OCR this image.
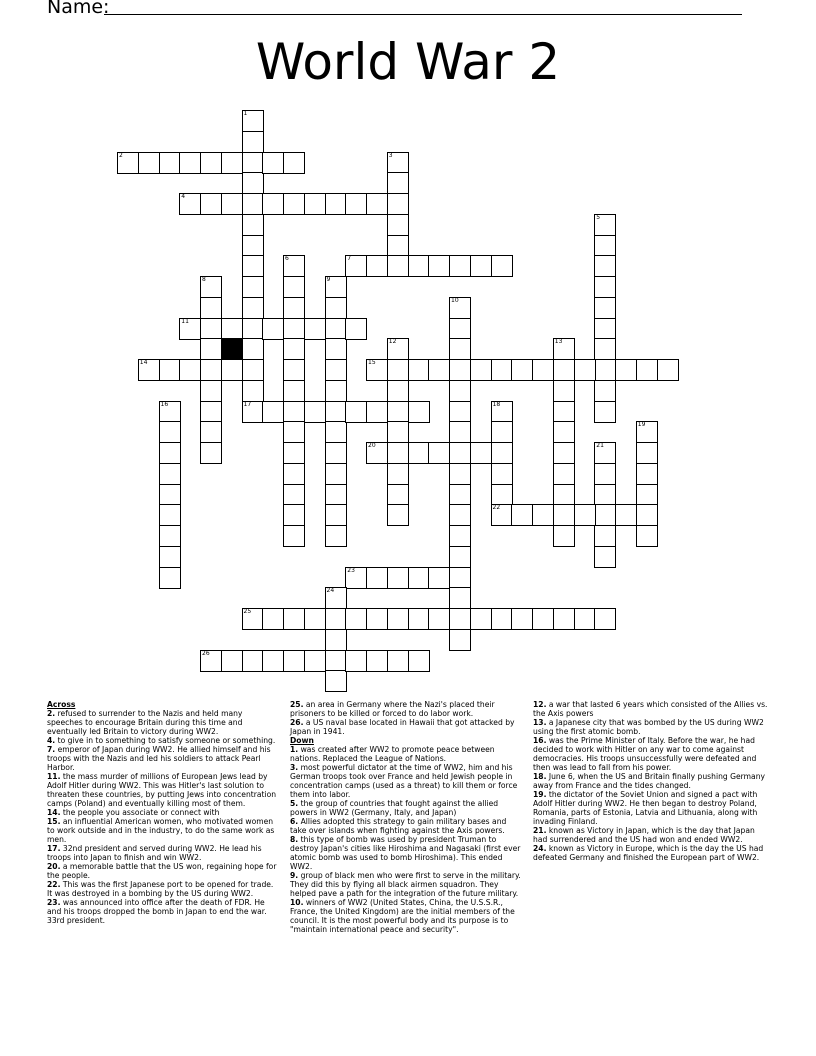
Name:
World War 2
1
2	3
4
5
6	7
8	9
10
11
12	13
14	15
16	17	18
22
19
20	21
23
24
25
26
Across
2. refused to surrender to the Nazis and held many speeches to encourage Britain during this time and eventually led Britain to victory during WW2.
4. to give in to something to satisfy someone or something.
7. emperor of Japan during WW2. He allied himself and his troops with the Nazis and led his soldiers to attack Pearl Harbor.
11. the mass murder of millions of European Jews lead by Adolf Hitler during WW2. This was Hitler's last solution to threaten these countries, by putting Jews into concentration camps (Poland) and eventually killing most of them.
14. the people you associate or connect with
15. an influential American women, who motivated women to work outside and in the industry, to do the same work as men.
17. 32nd president and served during WW2. He lead his troops into Japan to finish and win WW2.
20. a memorable battle that the US won, regaining hope for the people.
22. This was the first Japanese port to be opened for trade. It was destroyed in a bombing by the US during WW2.
23. was announced into office after the death of FDR. He and his troops dropped the bomb in Japan to end the war. 33rd president.
25. an area in Germany where the Nazi's placed their prisoners to be killed or forced to do labor work.
26. a US naval base located in Hawaii that got attacked by Japan in 1941.
Down
1. was created after WW2 to promote peace between nations. Replaced the League of Nations.
3. most powerful dictator at the time of WW2, him and his German troops took over France and held Jewish people in concentration camps (used as a threat) to kill them or force them into labor.
5. the group of countries that fought against the allied powers in WW2 (Germany, Italy, and Japan)
6. Allies adopted this strategy to gain military bases and take over islands when fighting against the Axis powers.
8. this type of bomb was used by president Truman to destroy Japan's cities like Hiroshima and Nagasaki (first ever atomic bomb was used to bomb Hiroshima). This ended WW2.
9. group of black men who were first to serve in the military. They did this by flying all black airmen squadron. They helped pave a path for the integration of the future military.
10. winners of WW2 (United States, China, the U.S.S.R., France, the United Kingdom) are the initial members of the council. It is the most powerful body and its purpose is to "maintain international peace and security".
12. a war that lasted 6 years which consisted of the Allies vs. the Axis powers
13. a Japanese city that was bombed by the US during WW2 using the first atomic bomb.
16. was the Prime Minister of Italy. Before the war, he had decided to work with Hitler on any war to come against democracies. His troops unsuccessfully were defeated and then was lead to fall from his power.
18. June 6, when the US and Britain finally pushing Germany away from France and the tides changed.
19. the dictator of the Soviet Union and signed a pact with Adolf Hitler during WW2. He then began to destroy Poland, Romania, parts of Estonia, Latvia and Lithuania, along with invading Finland.
21. known as Victory in Japan, which is the day that Japan had surrendered and the US had won and ended WW2.
24. known as Victory in Europe, which is the day the US had defeated Germany and finished the European part of WW2.
